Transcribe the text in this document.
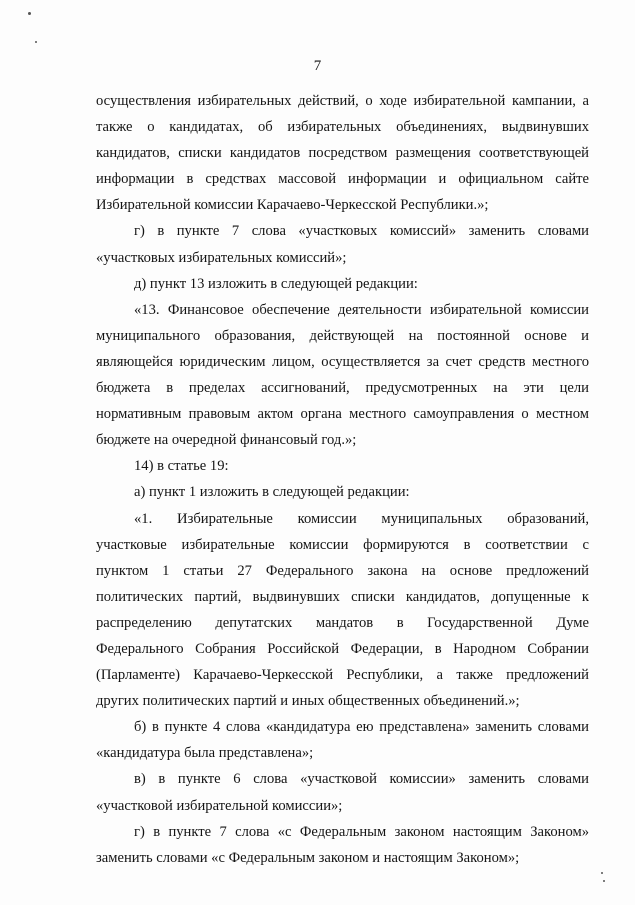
7
осуществления избирательных действий, о ходе избирательной кампании, а
также о кандидатах, об избирательных объединениях, выдвинувших
кандидатов, списки кандидатов посредством размещения соответствующей
информации в средствах массовой информации и официальном сайте
Избирательной комиссии Карачаево-Черкесской Республики.»;
г) в пункте 7 слова «участковых комиссий» заменить словами
«участковых избирательных комиссий»;
д) пункт 13 изложить в следующей редакции:
«13. Финансовое обеспечение деятельности избирательной комиссии
муниципального образования, действующей на постоянной основе и
являющейся юридическим лицом, осуществляется за счет средств местного
бюджета в пределах ассигнований, предусмотренных на эти цели
нормативным правовым актом органа местного самоуправления о местном
бюджете на очередной финансовый год.»;
14) в статье 19:
а) пункт 1 изложить в следующей редакции:
«1. Избирательные комиссии муниципальных образований,
участковые избирательные комиссии формируются в соответствии с
пунктом 1 статьи 27 Федерального закона на основе предложений
политических партий, выдвинувших списки кандидатов, допущенные к
распределению депутатских мандатов в Государственной Думе
Федерального Собрания Российской Федерации, в Народном Собрании
(Парламенте) Карачаево-Черкесской Республики, а также предложений
других политических партий и иных общественных объединений.»;
б) в пункте 4 слова «кандидатура ею представлена» заменить словами
«кандидатура была представлена»;
в) в пункте 6 слова «участковой комиссии» заменить словами
«участковой избирательной комиссии»;
г) в пункте 7 слова «с Федеральным законом настоящим Законом»
заменить словами «с Федеральным законом и настоящим Законом»;
